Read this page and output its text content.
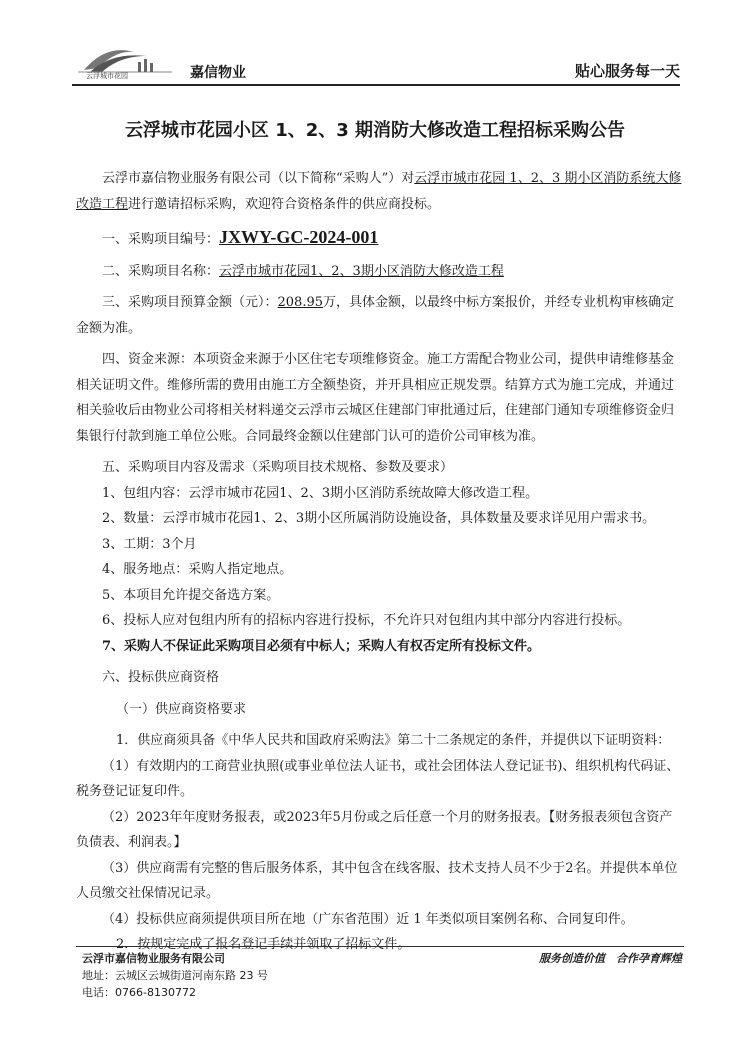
云浮城市花园	嘉信物业	贴心服务每一天
云浮城市花园小区 1、2、3 期消防大修改造工程招标采购公告

云浮市嘉信物业服务有限公司（以下简称“采购人”）对云浮市城市花园 1、2、3 期小区消防系统大修改造工程进行邀请招标采购，欢迎符合资格条件的供应商投标。

一、采购项目编号：JXWY-GC-2024-001

二、采购项目名称：云浮市城市花园1、2、3期小区消防大修改造工程

三、采购项目预算金额（元）：208.95万，具体金额，以最终中标方案报价，并经专业机构审核确定金额为准。

四、资金来源：本项资金来源于小区住宅专项维修资金。施工方需配合物业公司，提供申请维修基金相关证明文件。维修所需的费用由施工方全额垫资，并开具相应正规发票。结算方式为施工完成，并通过相关验收后由物业公司将相关材料递交云浮市云城区住建部门审批通过后，住建部门通知专项维修资金归集银行付款到施工单位公账。合同最终金额以住建部门认可的造价公司审核为准。

五、采购项目内容及需求（采购项目技术规格、参数及要求）

1、包组内容：云浮市城市花园1、2、3期小区消防系统故障大修改造工程。

2、数量：云浮市城市花园1、2、3期小区所属消防设施设备，具体数量及要求详见用户需求书。

3、工期：3个月

4、服务地点：采购人指定地点。

5、本项目允许提交备选方案。

6、投标人应对包组内所有的招标内容进行投标，不允许只对包组内其中部分内容进行投标。

7、采购人不保证此采购项目必须有中标人；采购人有权否定所有投标文件。

六、投标供应商资格

（一）供应商资格要求

1．供应商须具备《中华人民共和国政府采购法》第二十二条规定的条件，并提供以下证明资料：

（1）有效期内的工商营业执照(或事业单位法人证书，或社会团体法人登记证书)、组织机构代码证、税务登记证复印件。

（2）2023年年度财务报表，或2023年5月份或之后任意一个月的财务报表。【财务报表须包含资产负债表、利润表。】

（3）供应商需有完整的售后服务体系，其中包含在线客服、技术支持人员不少于2名。并提供本单位人员缴交社保情况记录。

（4）投标供应商须提供项目所在地（广东省范围）近 1 年类似项目案例名称、合同复印件。

2．按规定完成了报名登记手续并领取了招标文件。

云浮市嘉信物业服务有限公司	服务创造价值　合作孕育辉煌
地址：云城区云城街道河南东路 23 号
电话：0766-8130772
